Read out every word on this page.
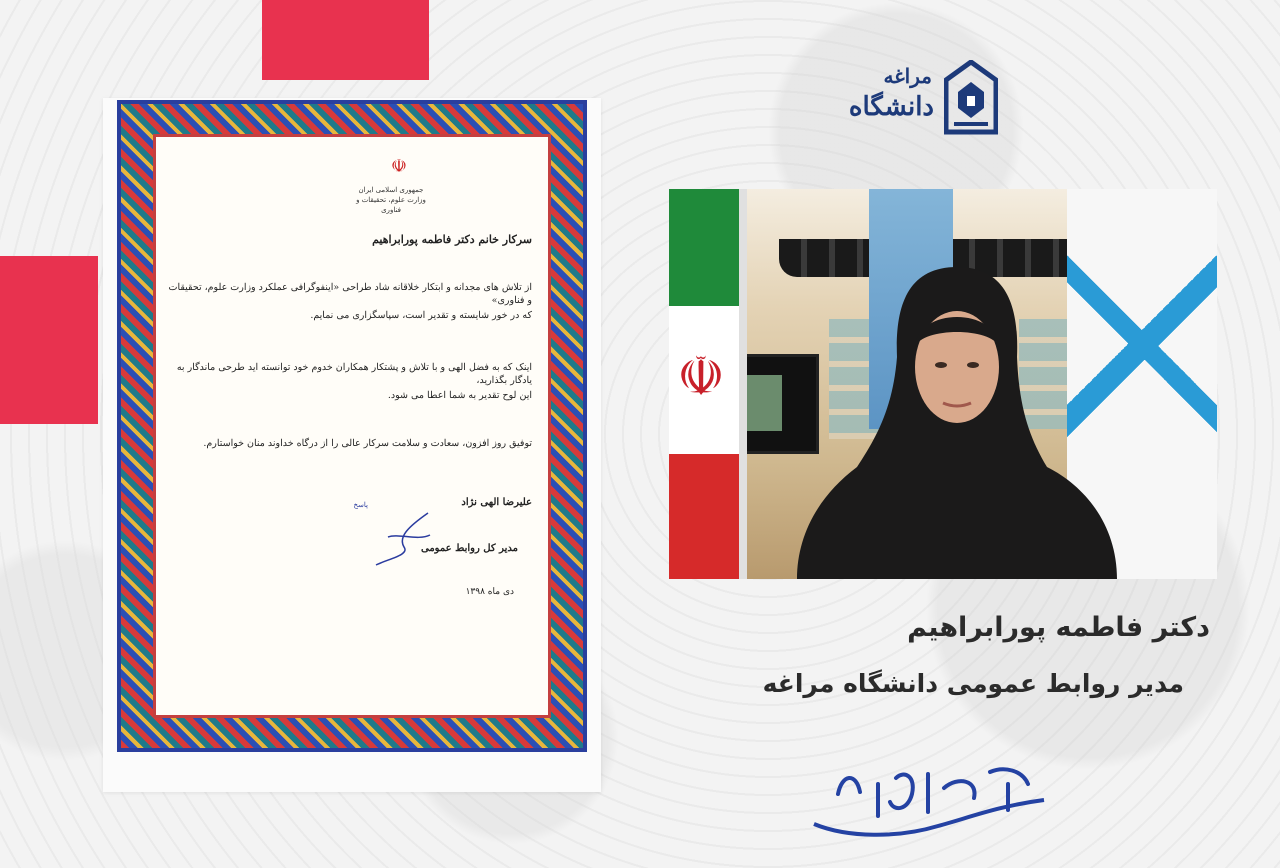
☫
جمهوری اسلامی ایران
وزارت علوم، تحقیقات و فناوری
سرکار خانم دکتر فاطمه پورابراهیم
از تلاش های مجدانه و ابتکار خلاقانه شاد طراحی «اینفوگرافی عملکرد وزارت علوم، تحقیقات و فناوری»
که در خور شایسته و تقدیر است، سپاسگزاری می نمایم.
اینک که به فضل الهی و با تلاش و پشتکار همکاران خدوم خود توانسته اید طرحی ماندگار به یادگار بگذارید،
این لوح تقدیر به شما اعطا می شود.
توفیق روز افزون، سعادت و سلامت سرکار عالی را از درگاه خداوند منان خواستارم.
پاسخ	علیرضا الهی نژاد
مدیر کل روابط عمومی
دی ماه ۱۳۹۸
مراغه
دانشگاه
☫
دکتر فاطمه پورابراهیم
مدیر روابط عمومی دانشگاه مراغه
دانشگاه مراغه روابط عمومی
